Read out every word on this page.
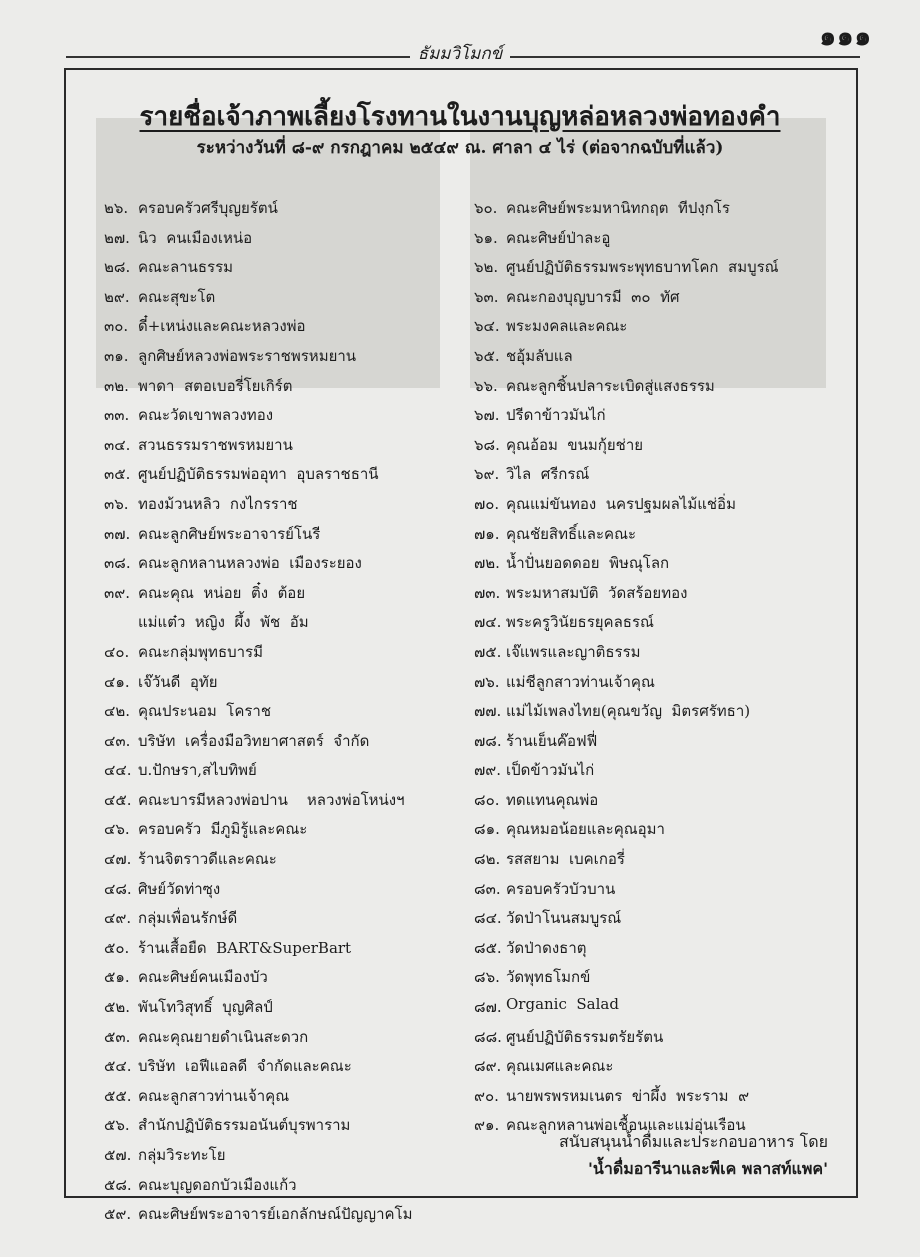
๑๑๑
ธัมมวิโมกข์
รายชื่อเจ้าภาพเลี้ยงโรงทานในงานบุญหล่อหลวงพ่อทองคำ
ระหว่างวันที่ ๘-๙ กรกฎาคม ๒๕๔๙ ณ. ศาลา ๔ ไร่ (ต่อจากฉบับที่แล้ว)
๒๖. ครอบครัวศรีบุญยรัตน์
๒๗. นิว  คนเมืองเหน่อ
๒๘. คณะลานธรรม
๒๙. คณะสุขะโต
๓๐. ดี๋+เหน่งและคณะหลวงพ่อ
๓๑. ลูกศิษย์หลวงพ่อพระราชพรหมยาน
๓๒. พาดา  สตอเบอรี่โยเกิร์ต
๓๓. คณะวัดเขาพลวงทอง
๓๔. สวนธรรมราชพรหมยาน
๓๕. ศูนย์ปฏิบัติธรรมพ่ออุทา  อุบลราชธานี
๓๖. ทองม้วนหลิว  กงไกรราช
๓๗. คณะลูกศิษย์พระอาจารย์โนรี
๓๘. คณะลูกหลานหลวงพ่อ  เมืองระยอง
๓๙. คณะคุณ  หน่อย  ติ๋ง  ต้อย
แม่แต๋ว  หญิง  ผึ้ง  พัช  อัม
๔๐. คณะกลุ่มพุทธบารมี
๔๑. เจ๊วันดี  อุทัย
๔๒. คุณประนอม  โคราช
๔๓. บริษัท  เครื่องมือวิทยาศาสตร์  จำกัด
๔๔. บ.ปักษรา,สไบทิพย์
๔๕. คณะบารมีหลวงพ่อปาน    หลวงพ่อโหน่งฯ
๔๖. ครอบครัว  มีภูมิรู้และคณะ
๔๗. ร้านจิตราวดีและคณะ
๔๘. ศิษย์วัดท่าซุง
๔๙. กลุ่มเพื่อนรักษ์ดี
๕๐. ร้านเสื้อยืด  BART&SuperBart
๕๑. คณะศิษย์คนเมืองบัว
๕๒. พันโทวิสุทธิ์  บุญศิลป์
๕๓. คณะคุณยายดำเนินสะดวก
๕๔. บริษัท  เอฟีแอลดี  จำกัดและคณะ
๕๕. คณะลูกสาวท่านเจ้าคุณ
๕๖. สำนักปฏิบัติธรรมอนันต์บุรพาราม
๕๗. กลุ่มวิระทะโย
๕๘. คณะบุญดอกบัวเมืองแก้ว
๕๙. คณะศิษย์พระอาจารย์เอกลักษณ์ปัญญาคโม
๖๐. คณะศิษย์พระมหานิทกฤต  ทีปงฺกโร
๖๑. คณะศิษย์ป่าละอู
๖๒. ศูนย์ปฏิบัติธรรมพระพุทธบาทโคก  สมบูรณ์
๖๓. คณะกองบุญบารมี  ๓๐  ทัศ
๖๔. พระมงคลและคณะ
๖๕. ชอุ้มลับแล
๖๖. คณะลูกชิ้นปลาระเบิดสู่แสงธรรม
๖๗. ปรีดาข้าวมันไก่
๖๘. คุณอ้อม  ขนมกุ้ยช่าย
๖๙. วิไล  ศรีกรณ์
๗๐. คุณแม่ขันทอง  นครปฐมผลไม้แช่อิ่ม
๗๑. คุณชัยสิทธิ์และคณะ
๗๒. น้ำปั่นยอดดอย  พิษณุโลก
๗๓. พระมหาสมบัติ  วัดสร้อยทอง
๗๔. พระครูวินัยธรยุคลธรณ์
๗๕. เจ๊แพรและญาติธรรม
๗๖. แม่ชีลูกสาวท่านเจ้าคุณ
๗๗. แม่ไม้เพลงไทย(คุณขวัญ  มิตรศรัทธา)
๗๘. ร้านเย็นค๊อฟฟี่
๗๙. เป็ดข้าวมันไก่
๘๐. ทดแทนคุณพ่อ
๘๑. คุณหมอน้อยและคุณอุมา
๘๒. รสสยาม  เบคเกอรี่
๘๓. ครอบครัวบัวบาน
๘๔. วัดป่าโนนสมบูรณ์
๘๕. วัดป่าดงธาตุ
๘๖. วัดพุทธโมกข์
๘๗. Organic  Salad
๘๘. ศูนย์ปฏิบัติธรรมตรัยรัตน
๘๙. คุณเมศและคณะ
๙๐. นายพรพรหมเนตร  ข่าผึ้ง  พระราม  ๙
๙๑. คณะลูกหลานพ่อเชื้อนและแม่อุ่นเรือน
สนับสนุนน้ำดื่มและประกอบอาหาร โดย
'น้ำดื่มอารีนาและพีเค พลาสท์แพค'
